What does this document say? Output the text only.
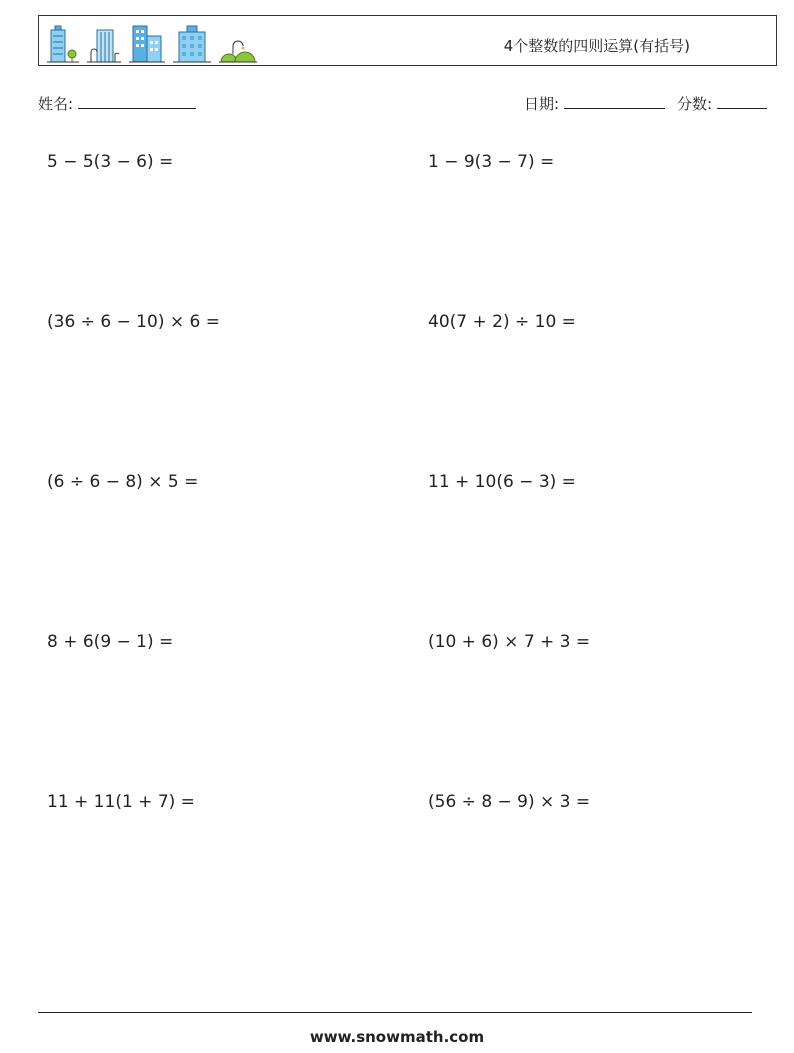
4个整数的四则运算(有括号)
姓名:	日期:	分数:
5 − 5(3 − 6) =	1 − 9(3 − 7) =
(36 ÷ 6 − 10) × 6 =	40(7 + 2) ÷ 10 =
(6 ÷ 6 − 8) × 5 =	11 + 10(6 − 3) =
8 + 6(9 − 1) =	(10 + 6) × 7 + 3 =
11 + 11(1 + 7) =	(56 ÷ 8 − 9) × 3 =
www.snowmath.com
